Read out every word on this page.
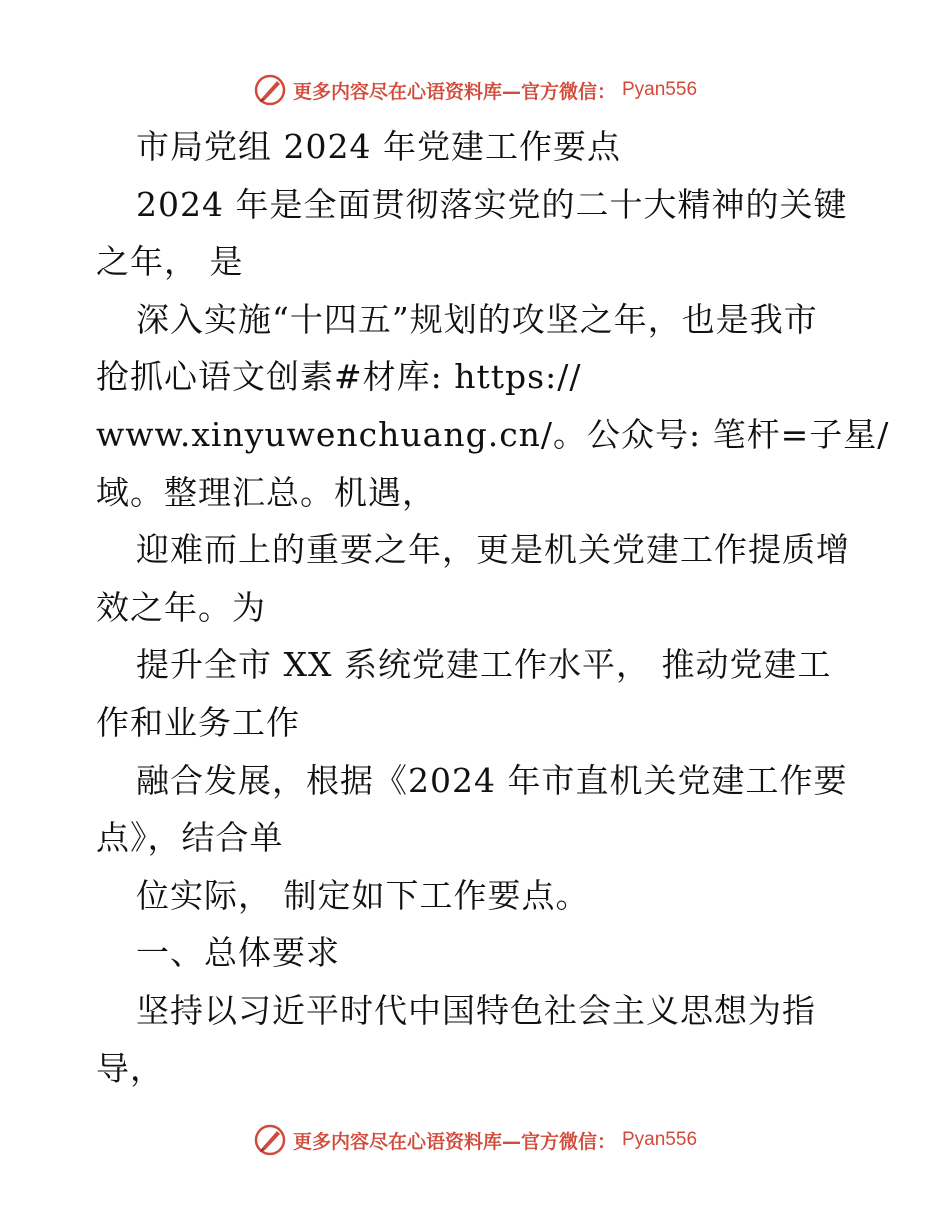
更多内容尽在心语资料库—官方微信： Pyan556
市局党组 2024 年党建工作要点
2024 年是全面贯彻落实党的二十大精神的关键
之年， 是
深入实施“十四五”规划的攻坚之年，也是我市
抢抓心语文创素#材库: https://
www.xinyuwenchuang.cn/。公众号: 笔杆=子星/
域。整理汇总。机遇，
迎难而上的重要之年，更是机关党建工作提质增
效之年。为
提升全市 XX 系统党建工作水平， 推动党建工
作和业务工作
融合发展，根据《2024 年市直机关党建工作要
点》，结合单
位实际， 制定如下工作要点。
一、总体要求
坚持以习近平时代中国特色社会主义思想为指
导，
更多内容尽在心语资料库—官方微信： Pyan556
